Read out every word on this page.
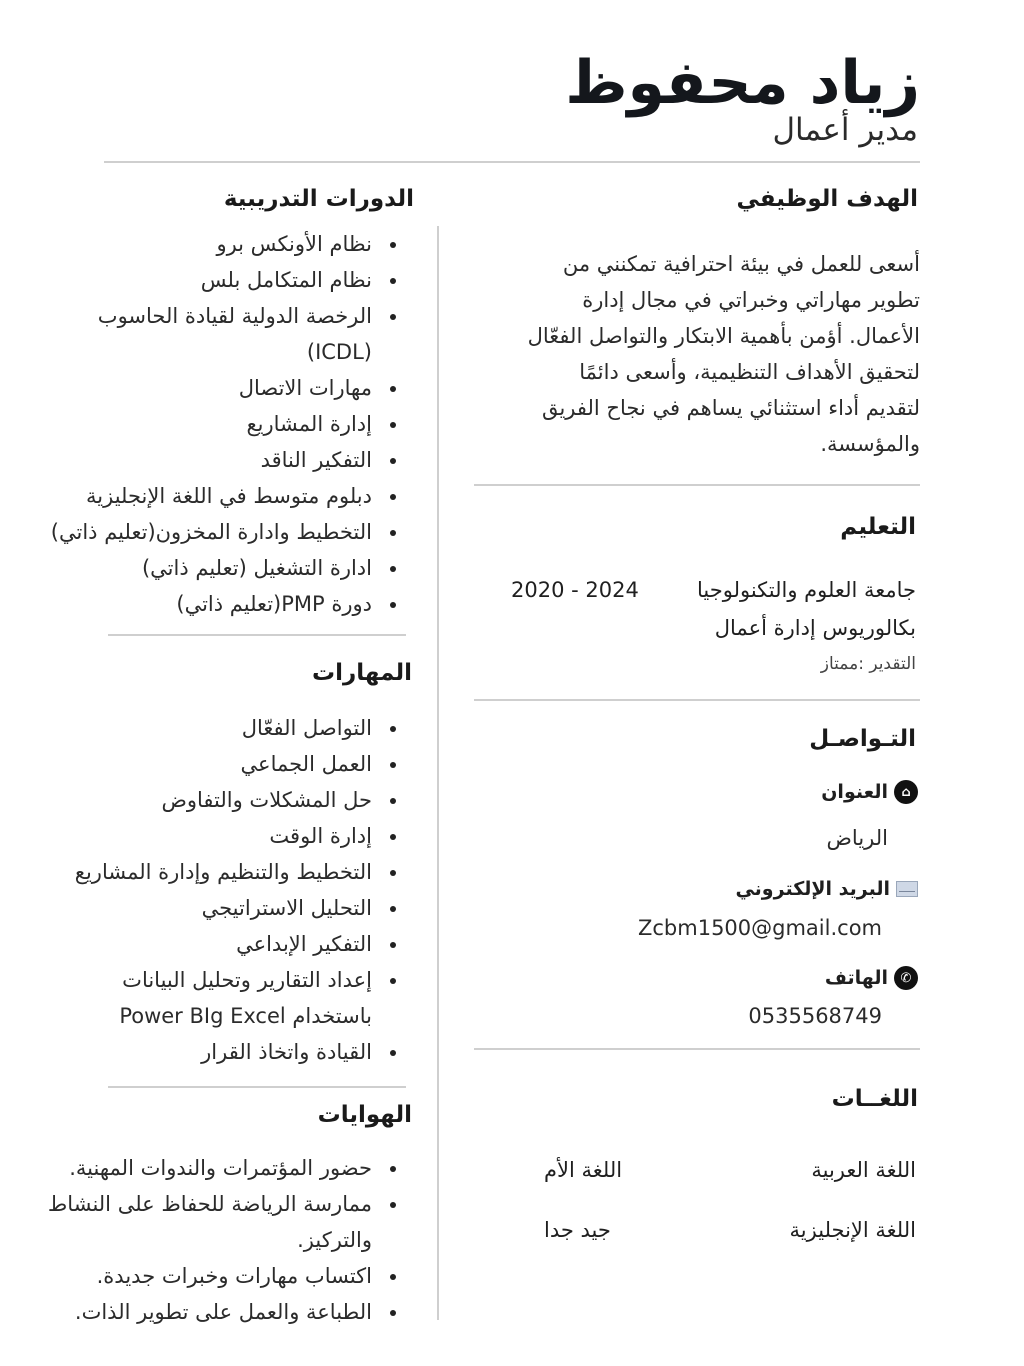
زياد محفوظ
مدير أعمال
الهدف الوظيفي
أسعى للعمل في بيئة احترافية تمكنني من
تطوير مهاراتي وخبراتي في مجال إدارة
الأعمال. أؤمن بأهمية الابتكار والتواصل الفعّال
لتحقيق الأهداف التنظيمية، وأسعى دائمًا
لتقديم أداء استثنائي يساهم في نجاح الفريق
والمؤسسة.
التعليم
جامعة العلوم والتكنولوجيا
2020 - 2024
بكالوريوس إدارة أعمال
التقدير :ممتاز
التـواصـل
⌂
العنوان
الرياض
البريد الإلكتروني
Zcbm1500@gmail.com
✆
الهاتف
0535568749
اللغــات
اللغة العربية
اللغة الأم
اللغة الإنجليزية
جيد جدا
الدورات التدريبية
نظام الأونكس برو
نظام المتكامل بلس
الرخصة الدولية لقيادة الحاسوب
(ICDL)
مهارات الاتصال
إدارة المشاريع
التفكير الناقد
دبلوم متوسط في اللغة الإنجليزية
التخطيط وادارة المخزون(تعليم ذاتي)
ادارة التشغيل (تعليم ذاتي)
دورة PMP(تعليم ذاتي)
المهارات
التواصل الفعّال
العمل الجماعي
حل المشكلات والتفاوض
إدارة الوقت
التخطيط والتنظيم وإدارة المشاريع
التحليل الاستراتيجي
التفكير الإبداعي
إعداد التقارير وتحليل البيانات
باستخدام Power BIg Excel
القيادة واتخاذ القرار
الهوايات
حضور المؤتمرات والندوات المهنية.
ممارسة الرياضة للحفاظ على النشاط
والتركيز.
اكتساب مهارات وخبرات جديدة.
الطباعة والعمل على تطوير الذات.
